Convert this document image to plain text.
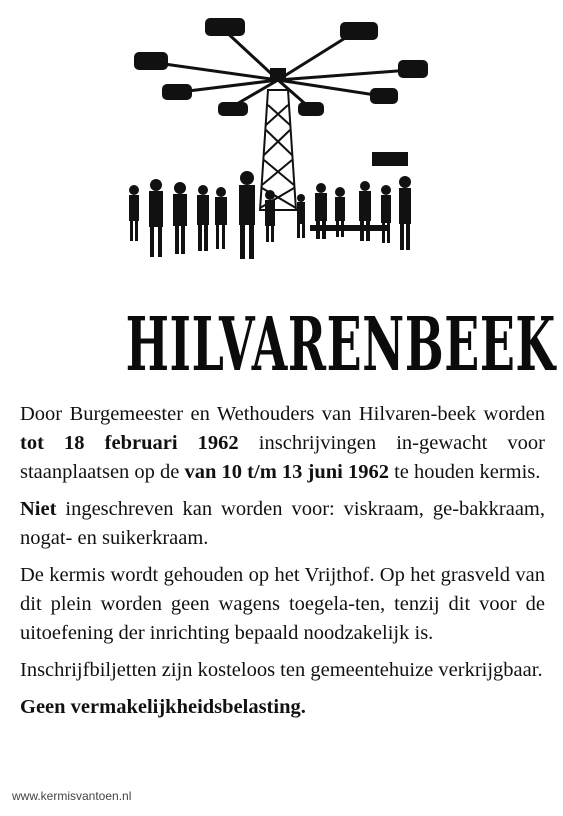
HILVARENBEEK

Door Burgemeester en Wethouders van Hilvaren-beek worden tot 18 februari 1962 inschrijvingen in-gewacht voor staanplaatsen op de van 10 t/m 13 juni 1962 te houden kermis.

Niet ingeschreven kan worden voor: viskraam, ge-bakkraam, nogat- en suikerkraam.

De kermis wordt gehouden op het Vrijthof. Op het grasveld van dit plein worden geen wagens toegela-ten, tenzij dit voor de uitoefening der inrichting bepaald noodzakelijk is.

Inschrijfbiljetten zijn kosteloos ten gemeentehuize verkrijgbaar.

Geen vermakelijkheidsbelasting.

www.kermisvantoen.nl
